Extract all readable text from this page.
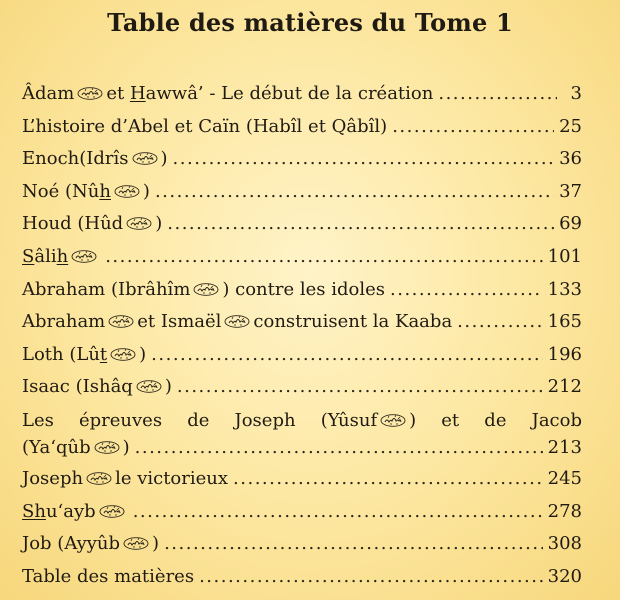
Table des matières du Tome 1
Âdam et Hawwâ’ - Le début de la création .....	3
L’histoire d’Abel et Caïn (Habîl et Qâbîl) .....	25
Enoch(Idrîs ) .....	36
Noé (Nûh ) .....	37
Houd (Hûd ) .....	69
Sâlih .....	101
Abraham (Ibrâhîm ) contre les idoles .....	133
Abraham et Ismaël construisent la Kaaba .....	165
Loth (Lût ) .....	196
Isaac (Ishâq ) .....	212
Les épreuves de Joseph (Yûsuf ) et de Jacob
(Ya‘qûb ) .....	213
Joseph le victorieux .....	245
Shu‘ayb .....	278
Job (Ayyûb ) .....	308
Table des matières .....	320
